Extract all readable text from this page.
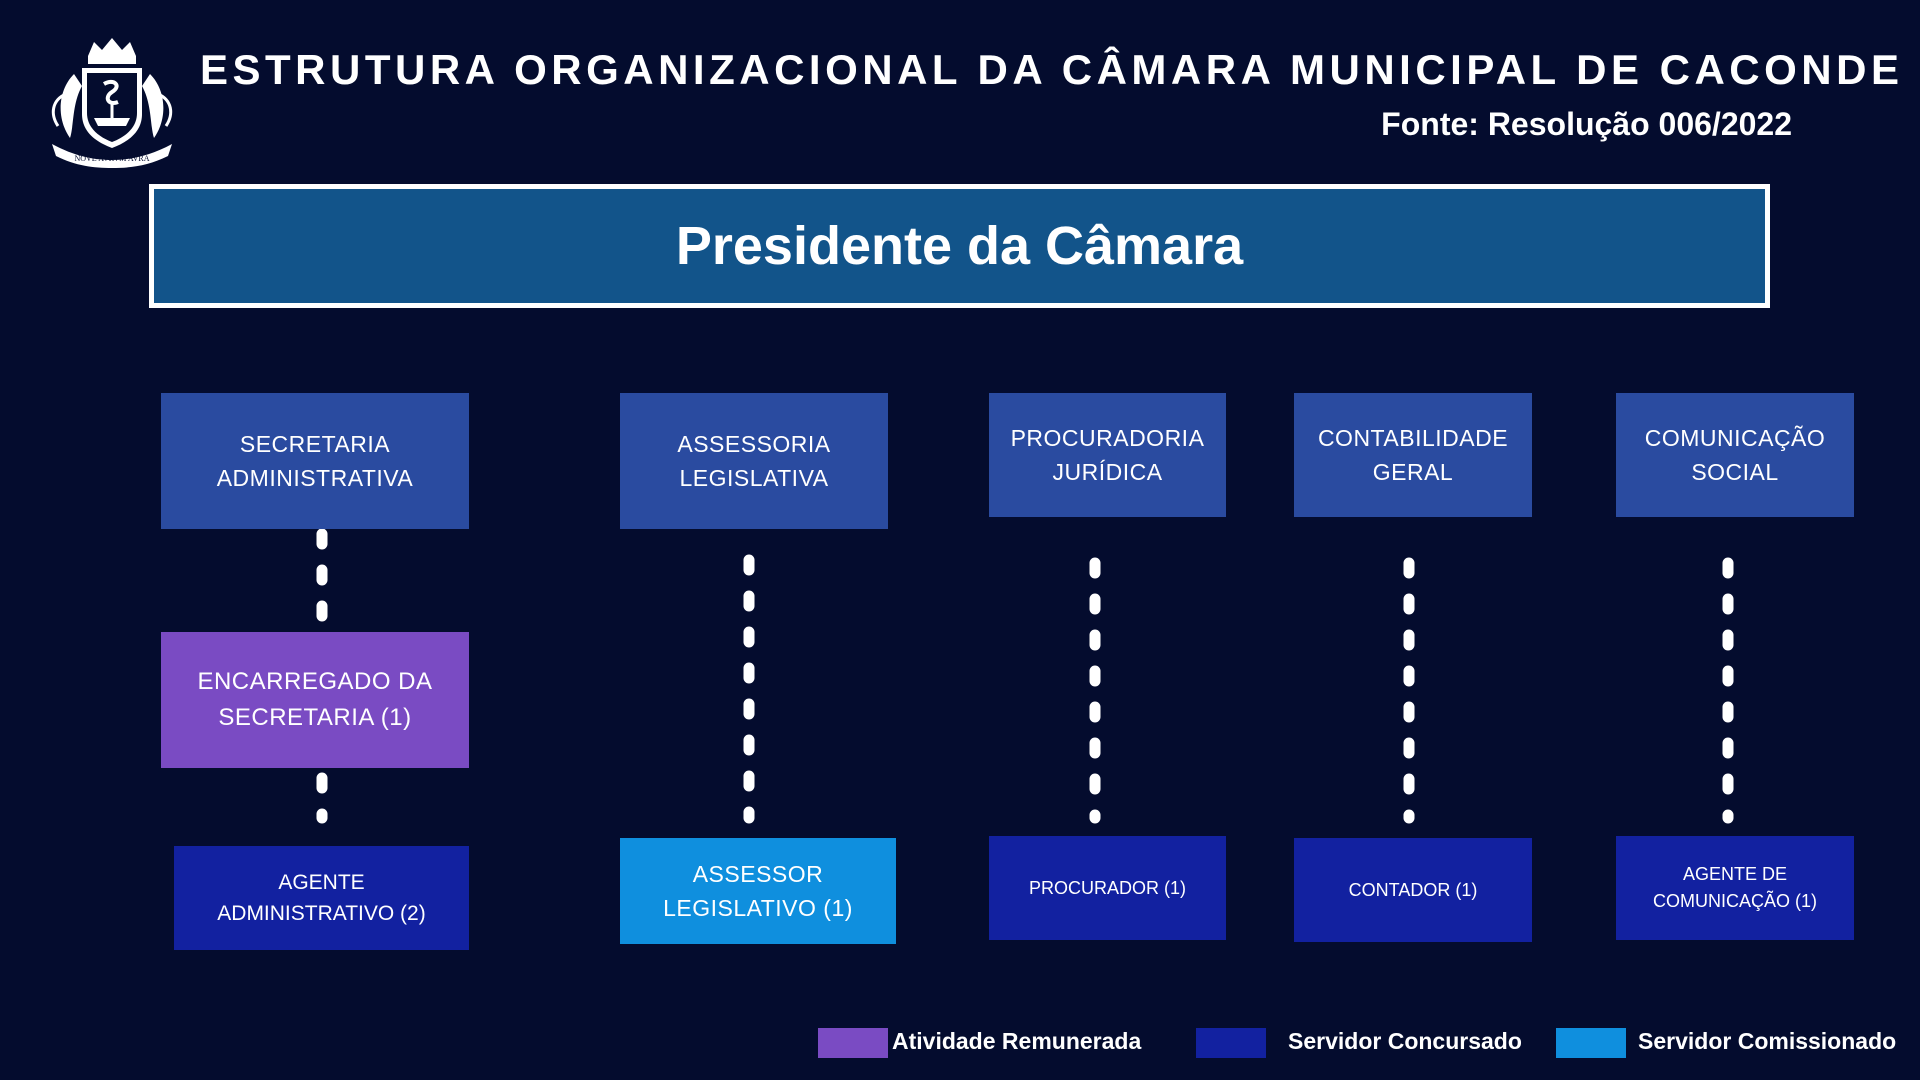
NOVE AVRVM AVRA
ESTRUTURA ORGANIZACIONAL DA CÂMARA MUNICIPAL DE CACONDE
Fonte: Resolução 006/2022
Presidente da Câmara
SECRETARIA ADMINISTRATIVA
ASSESSORIA LEGISLATIVA
PROCURADORIA JURÍDICA
CONTABILIDADE GERAL
COMUNICAÇÃO SOCIAL
ENCARREGADO DA SECRETARIA (1)
AGENTE ADMINISTRATIVO (2)
ASSESSOR LEGISLATIVO (1)
PROCURADOR (1)	CONTADOR (1)
AGENTE DE COMUNICAÇÃO (1)
Atividade Remunerada	Servidor Concursado	Servidor Comissionado
